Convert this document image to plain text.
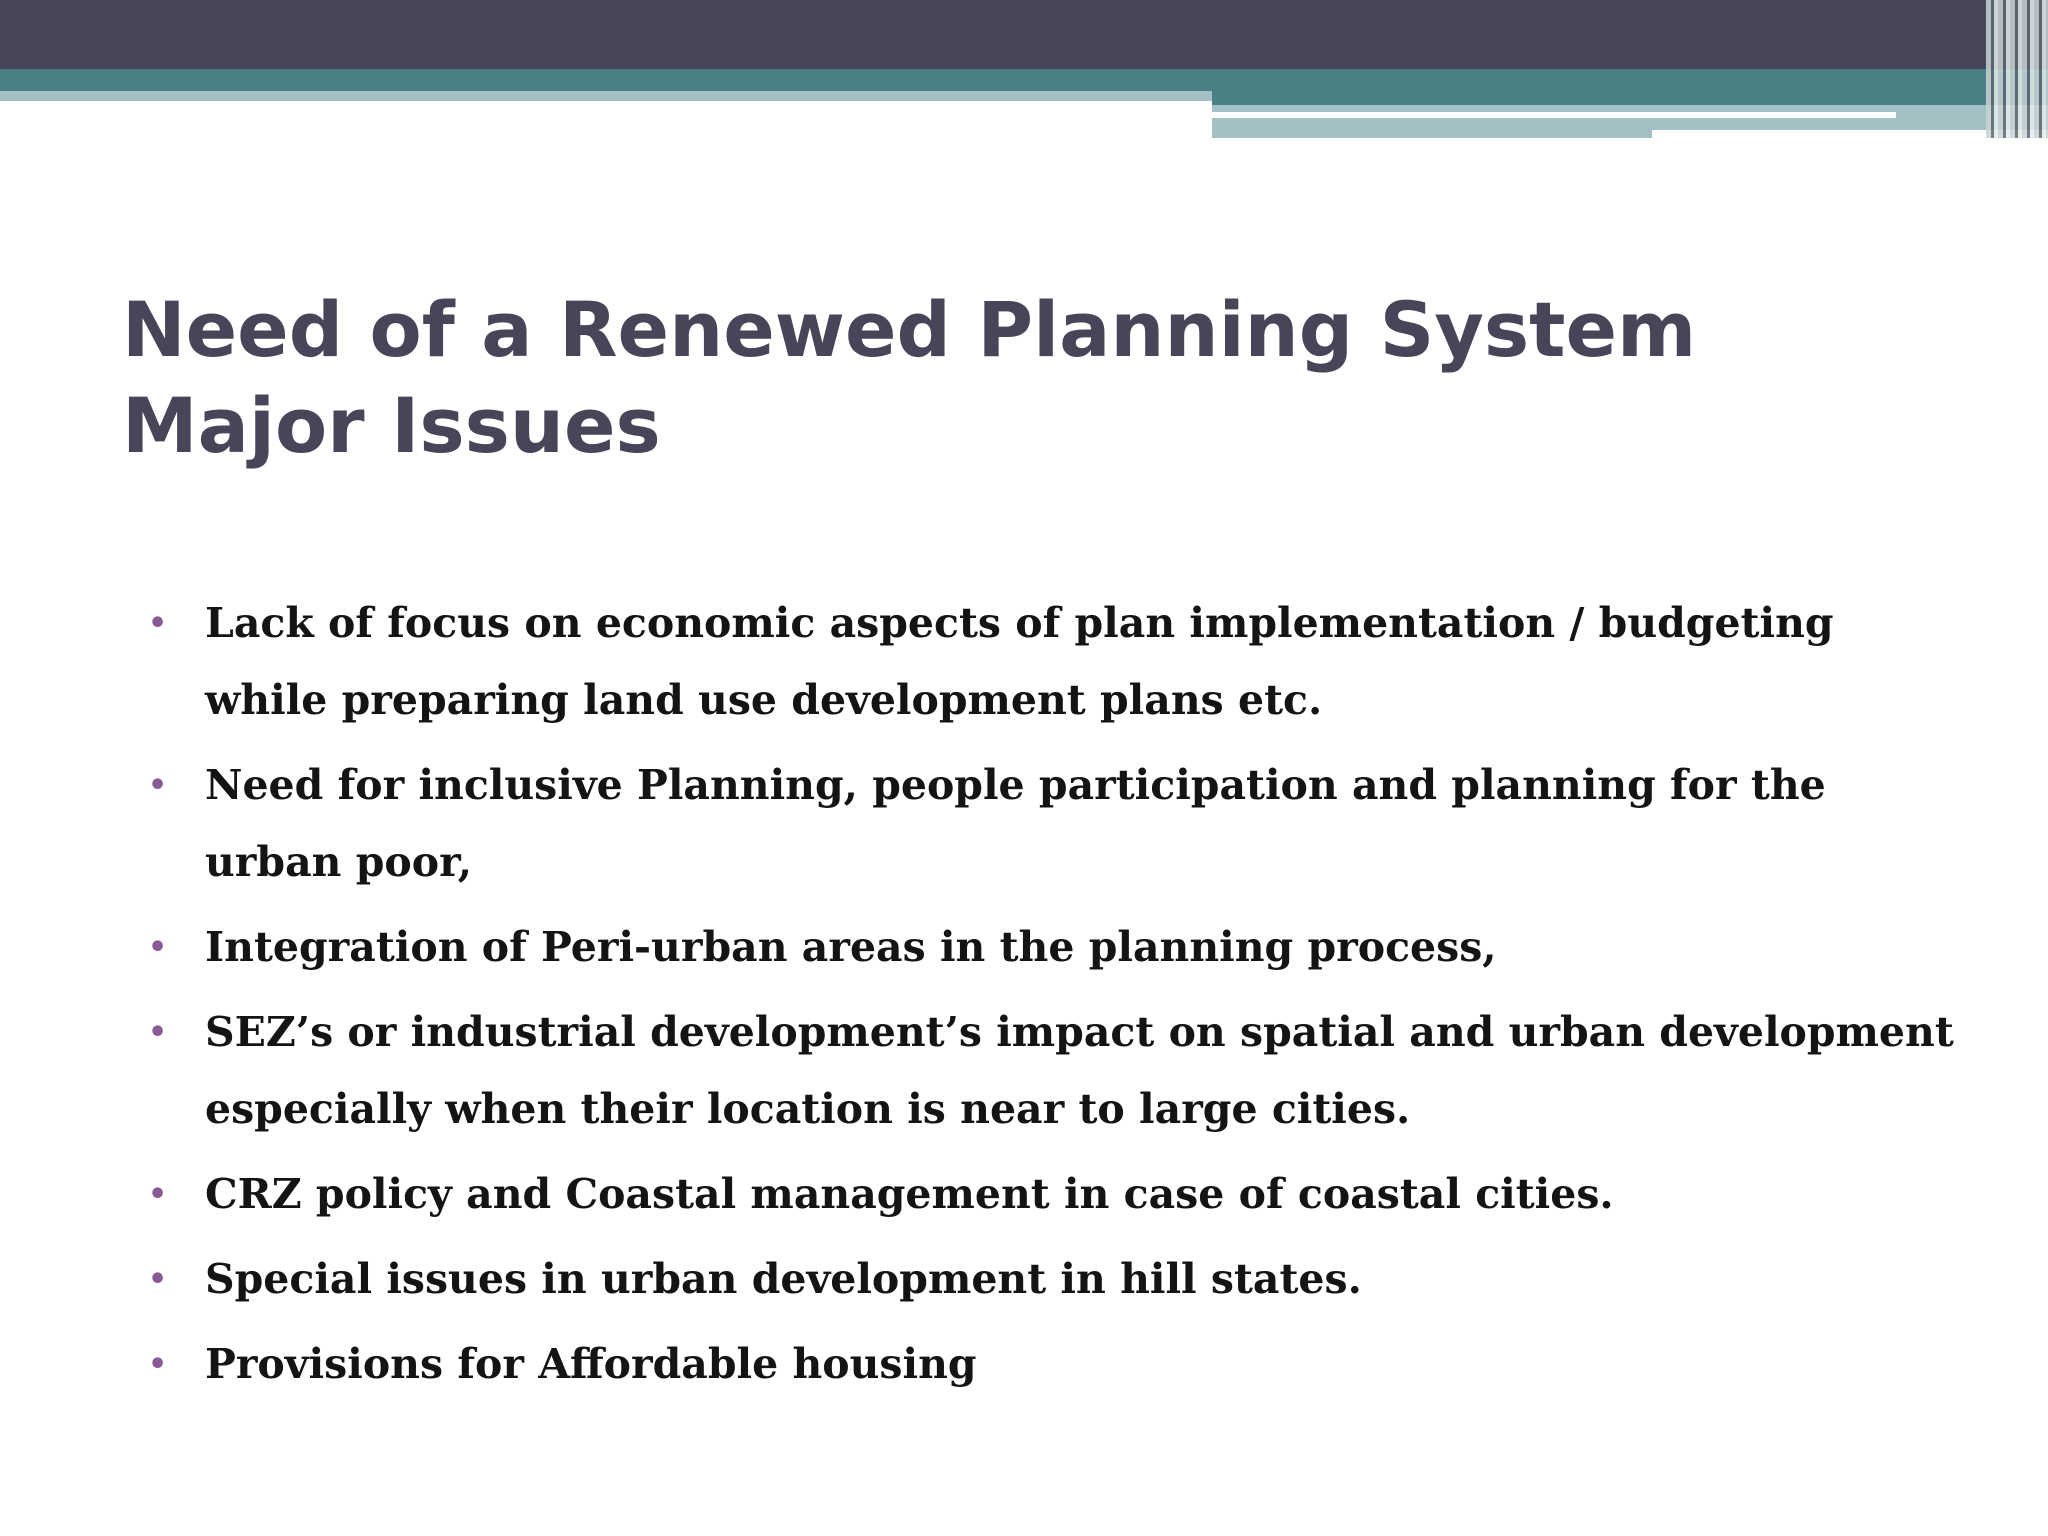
Need of a Renewed Planning System
Major Issues
• Lack of focus on economic aspects of plan implementation / budgeting while preparing land use development plans etc.
• Need for inclusive Planning, people participation and planning for the urban poor,
• Integration of Peri-urban areas in the planning process,
• SEZ’s or industrial development’s impact on spatial and urban development especially when their location is near to large cities.
• CRZ policy and Coastal management in case of coastal cities.
• Special issues in urban development in hill states.
• Provisions for Affordable housing
